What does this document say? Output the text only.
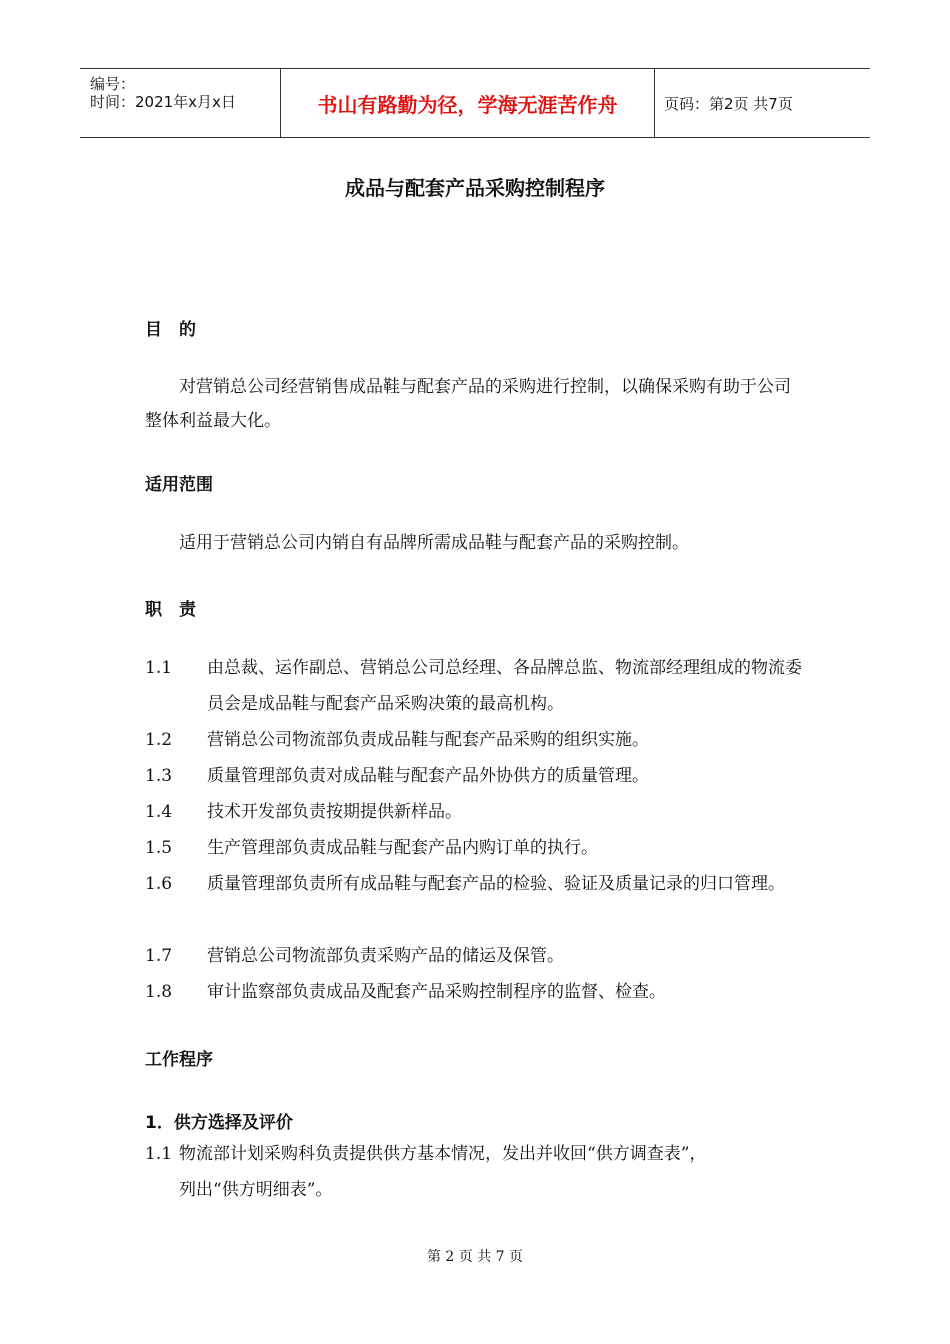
编号：
时间：2021年x月x日	书山有路勤为径，学海无涯苦作舟	页码：第2页 共7页
成品与配套产品采购控制程序
目　的
对营销总公司经营销售成品鞋与配套产品的采购进行控制，以确保采购有助于公司整体利益最大化。
适用范围
适用于营销总公司内销自有品牌所需成品鞋与配套产品的采购控制。
职　责
1.1	由总裁、运作副总、营销总公司总经理、各品牌总监、物流部经理组成的物流委员会是成品鞋与配套产品采购决策的最高机构。
1.2	营销总公司物流部负责成品鞋与配套产品采购的组织实施。
1.3	质量管理部负责对成品鞋与配套产品外协供方的质量管理。
1.4	技术开发部负责按期提供新样品。
1.5	生产管理部负责成品鞋与配套产品内购订单的执行。
1.6	质量管理部负责所有成品鞋与配套产品的检验、验证及质量记录的归口管理。
1.7	营销总公司物流部负责采购产品的储运及保管。
1.8	审计监察部负责成品及配套产品采购控制程序的监督、检查。
工作程序
1．供方选择及评价
1.1 物流部计划采购科负责提供供方基本情况，发出并收回“供方调查表”，
列出“供方明细表”。
第 2 页 共 7 页
